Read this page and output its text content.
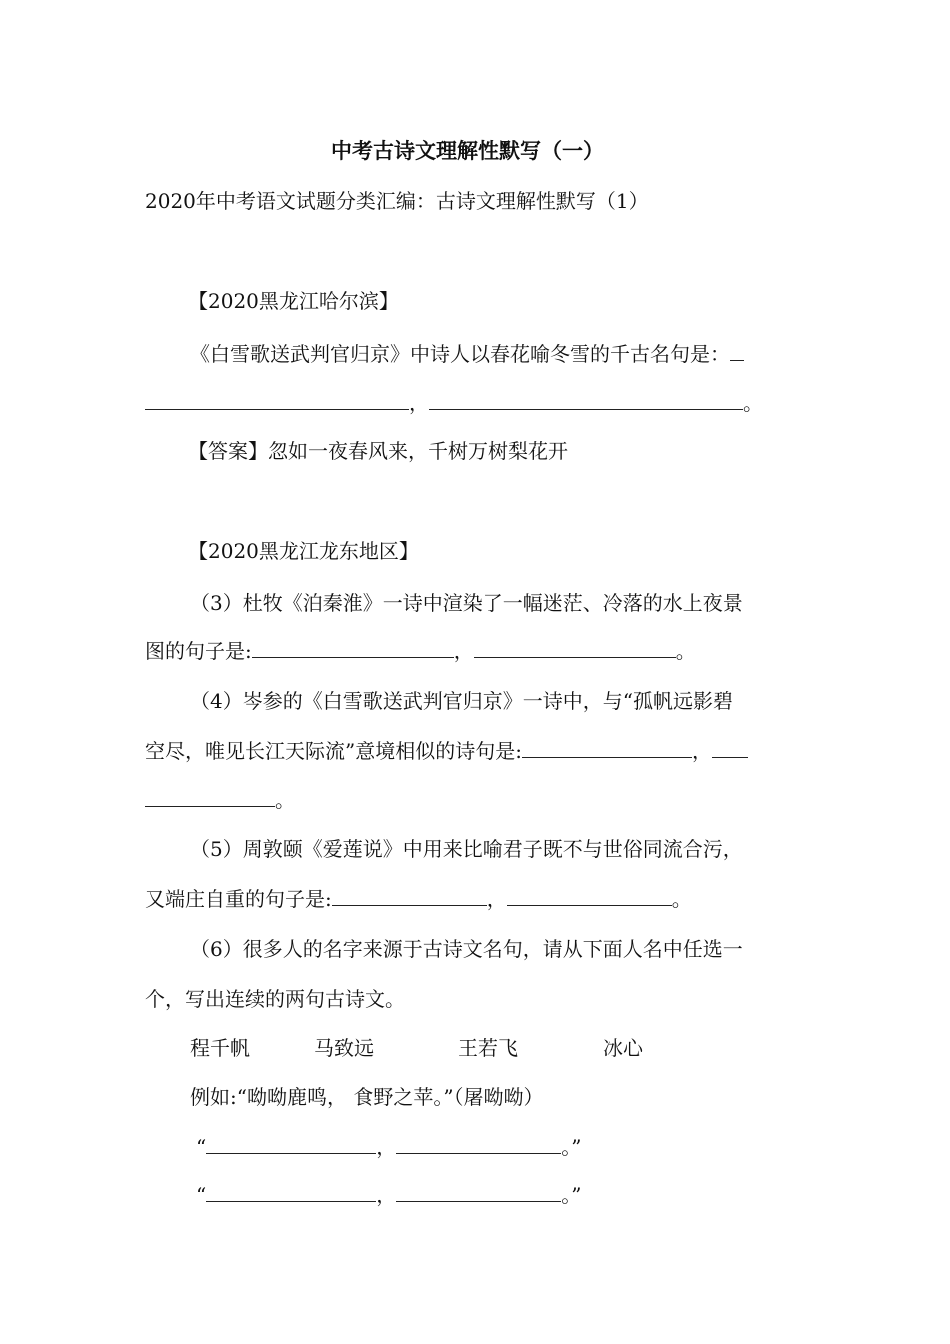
中考古诗文理解性默写（一）
2020年中考语文试题分类汇编：古诗文理解性默写（1）
【2020黑龙江哈尔滨】
《白雪歌送武判官归京》中诗人以春花喻冬雪的千古名句是：
，	。
【答案】忽如一夜春风来，千树万树梨花开
【2020黑龙江龙东地区】
（3）杜牧《泊秦淮》一诗中渲染了一幅迷茫、冷落的水上夜景
图的句子是:	，	。
（4）岑参的《白雪歌送武判官归京》一诗中，与“孤帆远影碧
空尽，唯见长江天际流”意境相似的诗句是:	，
。
（5）周敦颐《爱莲说》中用来比喻君子既不与世俗同流合污，
又端庄自重的句子是:	，	。
（6）很多人的名字来源于古诗文名句，请从下面人名中任选一
个，写出连续的两句古诗文。
程千帆	马致远	王若飞	冰心
例如:“呦呦鹿鸣， 食野之苹。”（屠呦呦）
“	，	。”
“	，	。”
